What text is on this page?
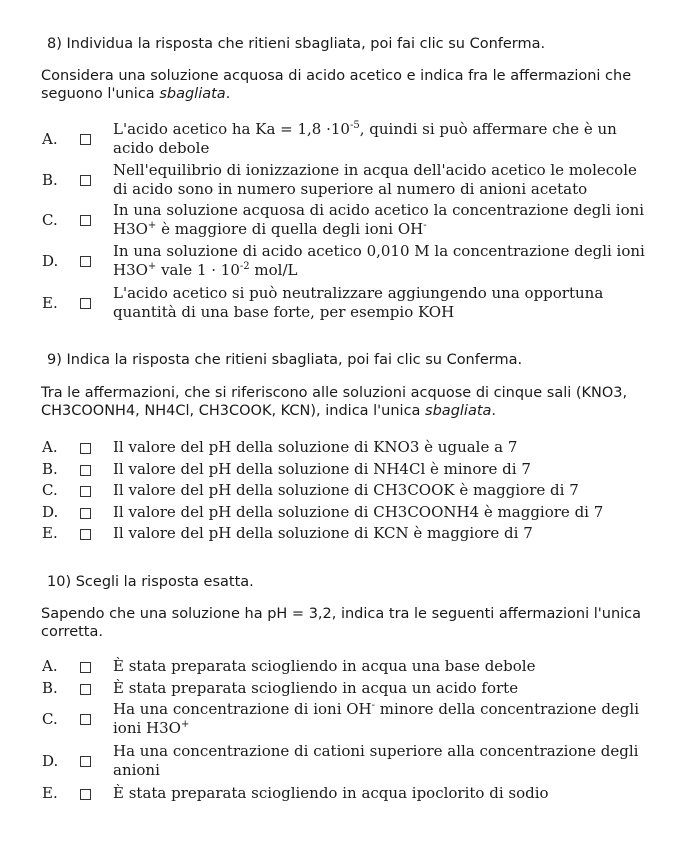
8) Individua la risposta che ritieni sbagliata, poi fai clic su Conferma.
Considera una soluzione acquosa di acido acetico e indica fra le affermazioni che seguono l'unica sbagliata.
A.
L'acido acetico ha $Ka = 1,8 \cdot 10^{-5}$, quindi si può affermare che è un acido debole
B.
Nell'equilibrio di ionizzazione in acqua dell'acido acetico le molecole di acido sono in numero superiore al numero di anioni acetato
C.
In una soluzione acquosa di acido acetico la concentrazione degli ioni H3O+ è maggiore di quella degli ioni OH-
D.
In una soluzione di acido acetico 0,010 M la concentrazione degli ioni H3O+ vale $1 \cdot 10^{-2}$ mol/L
E.
L'acido acetico si può neutralizzare aggiungendo una opportuna quantità di una base forte, per esempio KOH
9) Indica la risposta che ritieni sbagliata, poi fai clic su Conferma.
Tra le affermazioni, che si riferiscono alle soluzioni acquose di cinque sali (KNO3, CH3COONH4, NH4Cl, CH3COOK, KCN), indica l'unica sbagliata.
A.	Il valore del pH della soluzione di KNO3 è uguale a 7
B.	Il valore del pH della soluzione di NH4Cl è minore di 7
C.	Il valore del pH della soluzione di CH3COOK è maggiore di 7
D.	Il valore del pH della soluzione di CH3COONH4 è maggiore di 7
E.	Il valore del pH della soluzione di KCN è maggiore di 7
10) Scegli la risposta esatta.
Sapendo che una soluzione ha pH = 3,2, indica tra le seguenti affermazioni l'unica corretta.
A.	È stata preparata sciogliendo in acqua una base debole
B.	È stata preparata sciogliendo in acqua un acido forte
C.
Ha una concentrazione di ioni OH- minore della concentrazione degli ioni H3O+
D.
Ha una concentrazione di cationi superiore alla concentrazione degli anioni
E.	È stata preparata sciogliendo in acqua ipoclorito di sodio
